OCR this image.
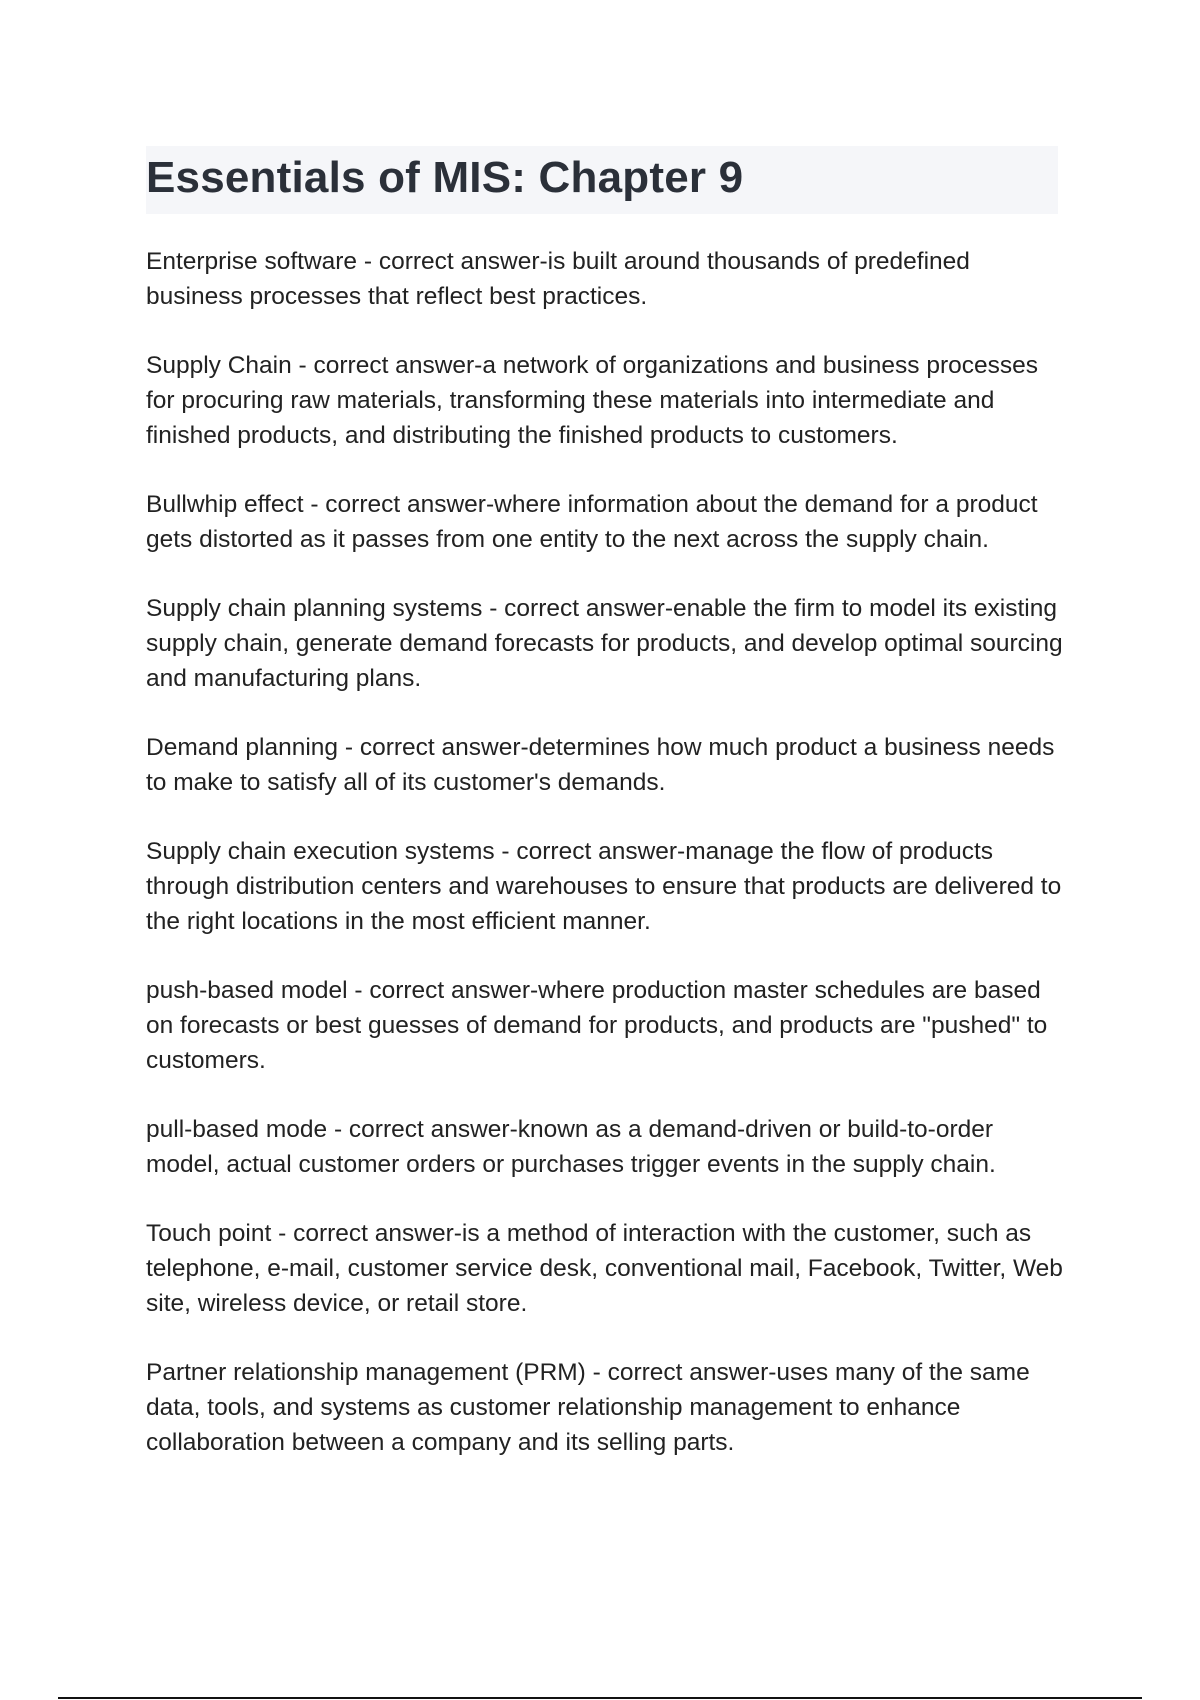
Essentials of MIS: Chapter 9

Enterprise software - correct answer-is built around thousands of predefined business processes that reflect best practices.

Supply Chain - correct answer-a network of organizations and business processes for procuring raw materials, transforming these materials into intermediate and finished products, and distributing the finished products to customers.

Bullwhip effect - correct answer-where information about the demand for a product gets distorted as it passes from one entity to the next across the supply chain.

Supply chain planning systems - correct answer-enable the firm to model its existing supply chain, generate demand forecasts for products, and develop optimal sourcing and manufacturing plans.

Demand planning - correct answer-determines how much product a business needs to make to satisfy all of its customer's demands.

Supply chain execution systems - correct answer-manage the flow of products through distribution centers and warehouses to ensure that products are delivered to the right locations in the most efficient manner.

push-based model - correct answer-where production master schedules are based on forecasts or best guesses of demand for products, and products are "pushed" to customers.

pull-based mode - correct answer-known as a demand-driven or build-to-order model, actual customer orders or purchases trigger events in the supply chain.

Touch point - correct answer-is a method of interaction with the customer, such as telephone, e-mail, customer service desk, conventional mail, Facebook, Twitter, Web site, wireless device, or retail store.

Partner relationship management (PRM) - correct answer-uses many of the same data, tools, and systems as customer relationship management to enhance collaboration between a company and its selling parts.
